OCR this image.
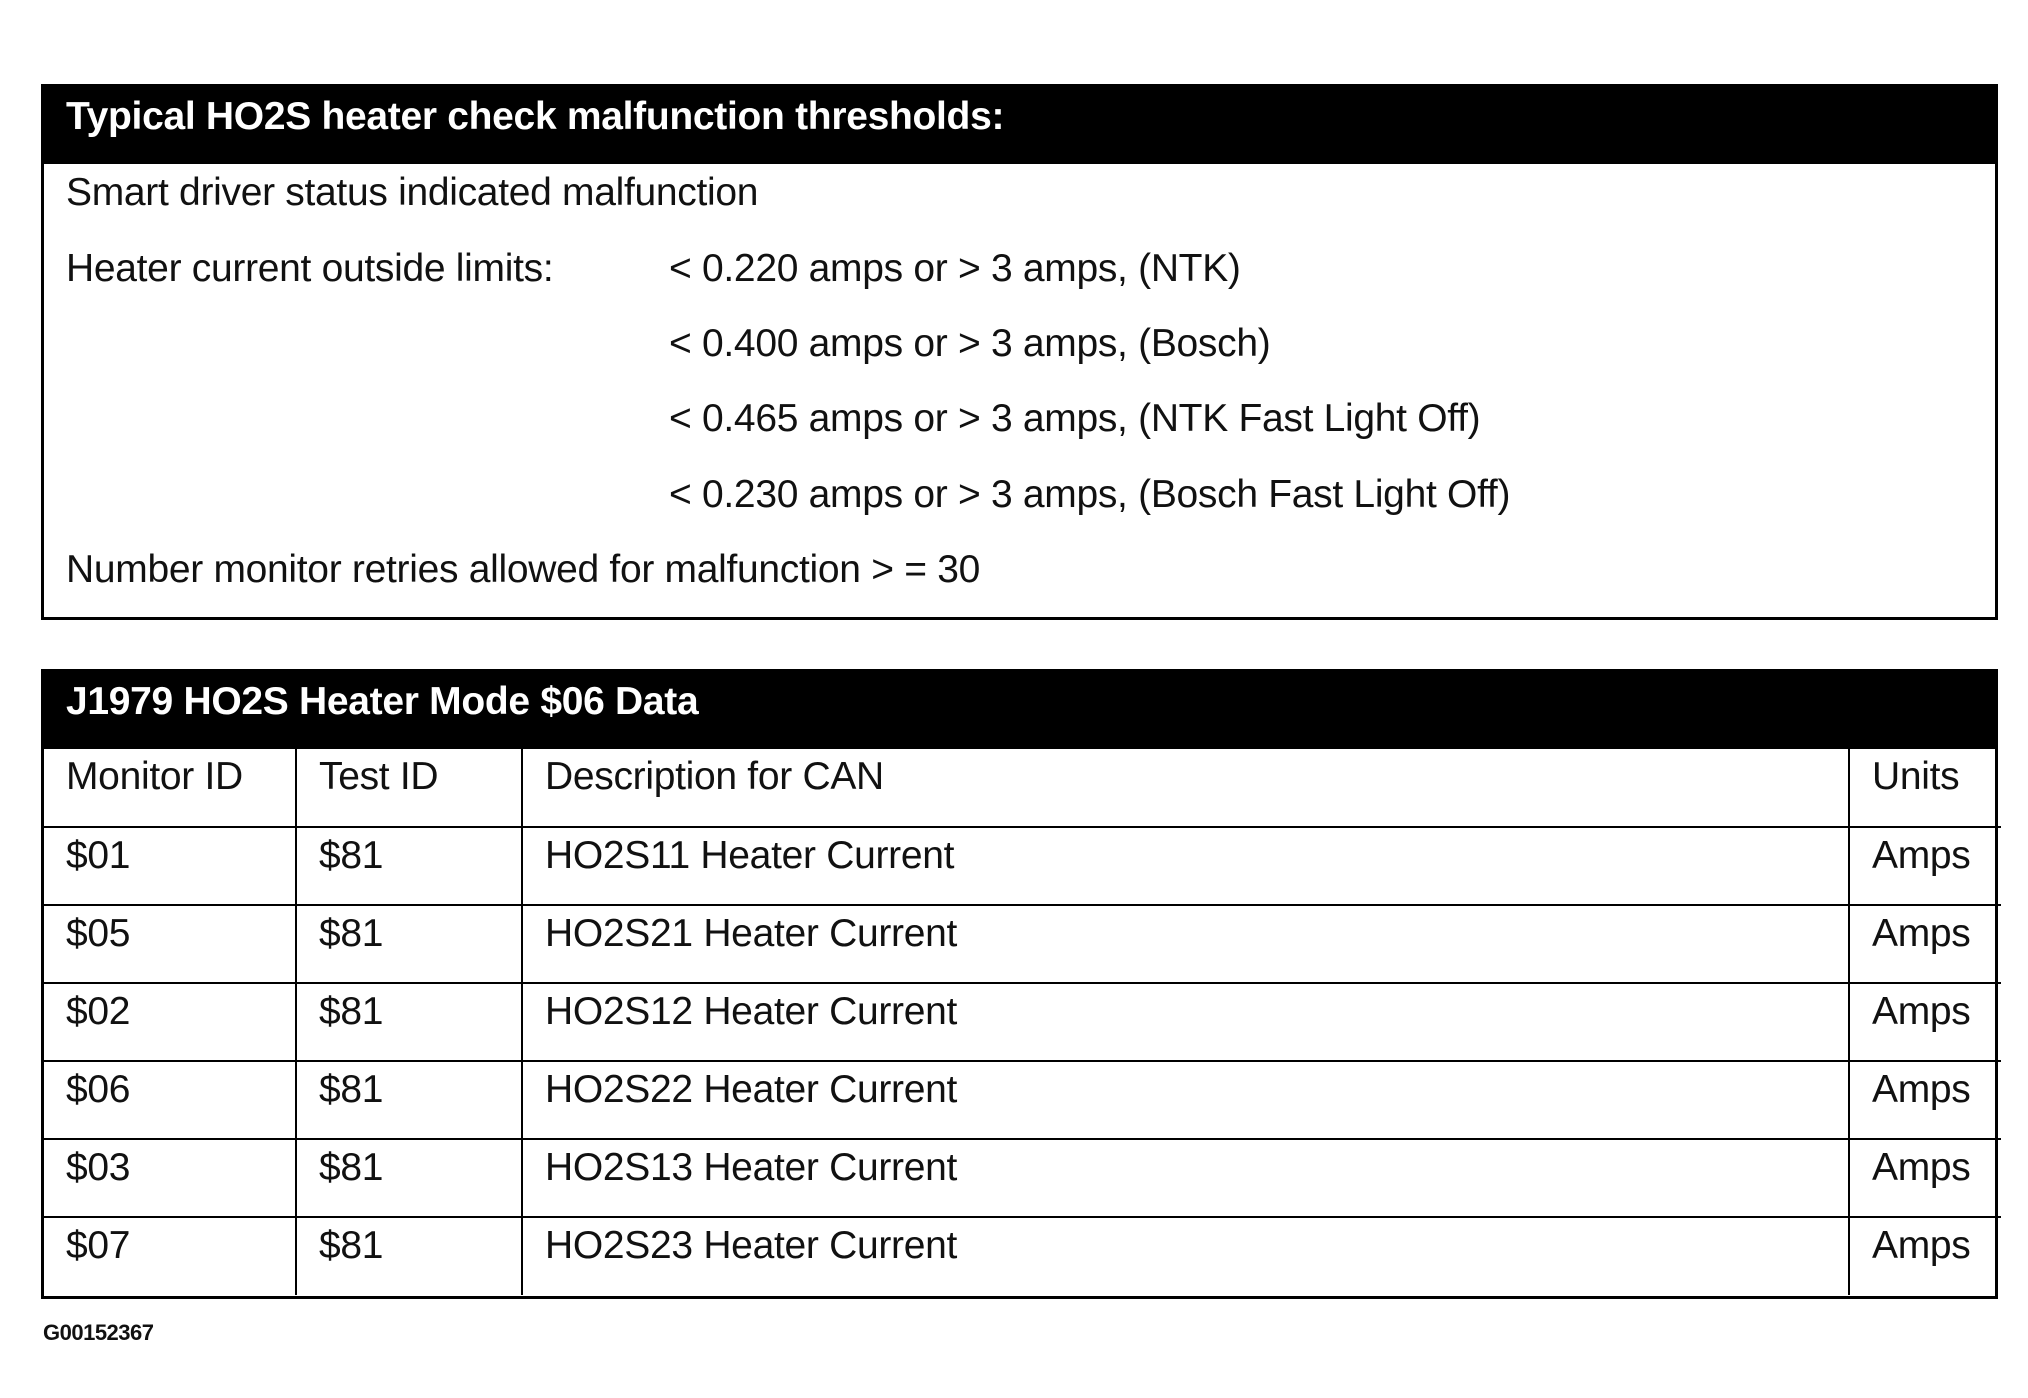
Typical HO2S heater check malfunction thresholds:
Smart driver status indicated malfunction
Heater current outside limits:	< 0.220 amps or > 3 amps, (NTK)
< 0.400 amps or > 3 amps, (Bosch)
< 0.465 amps or > 3 amps, (NTK Fast Light Off)
< 0.230 amps or > 3 amps, (Bosch Fast Light Off)
Number monitor retries allowed for malfunction > = 30
J1979 HO2S Heater Mode $06 Data
Monitor ID	Test ID	Description for CAN	Units
$01	$81	HO2S11 Heater Current	Amps
$05	$81	HO2S21 Heater Current	Amps
$02	$81	HO2S12 Heater Current	Amps
$06	$81	HO2S22 Heater Current	Amps
$03	$81	HO2S13 Heater Current	Amps
$07	$81	HO2S23 Heater Current	Amps
G00152367
